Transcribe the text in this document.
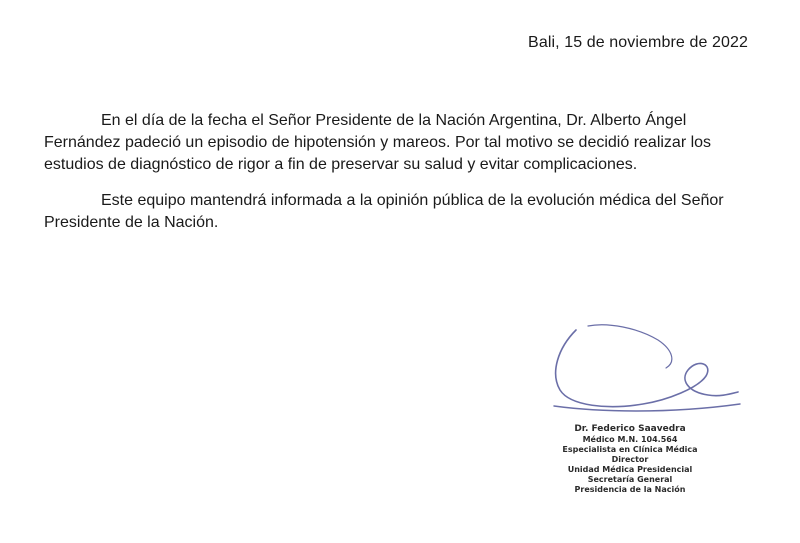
Bali, 15 de noviembre de 2022

En el día de la fecha el Señor Presidente de la Nación Argentina, Dr. Alberto Ángel Fernández padeció un episodio de hipotensión y mareos. Por tal motivo se decidió realizar los estudios de diagnóstico de rigor a fin de preservar su salud y evitar complicaciones.

Este equipo mantendrá informada a la opinión pública de la evolución médica del Señor Presidente de la Nación.

Dr. Federico Saavedra
Médico M.N. 104.564
Especialista en Clínica Médica
Director
Unidad Médica Presidencial
Secretaría General
Presidencia de la Nación
